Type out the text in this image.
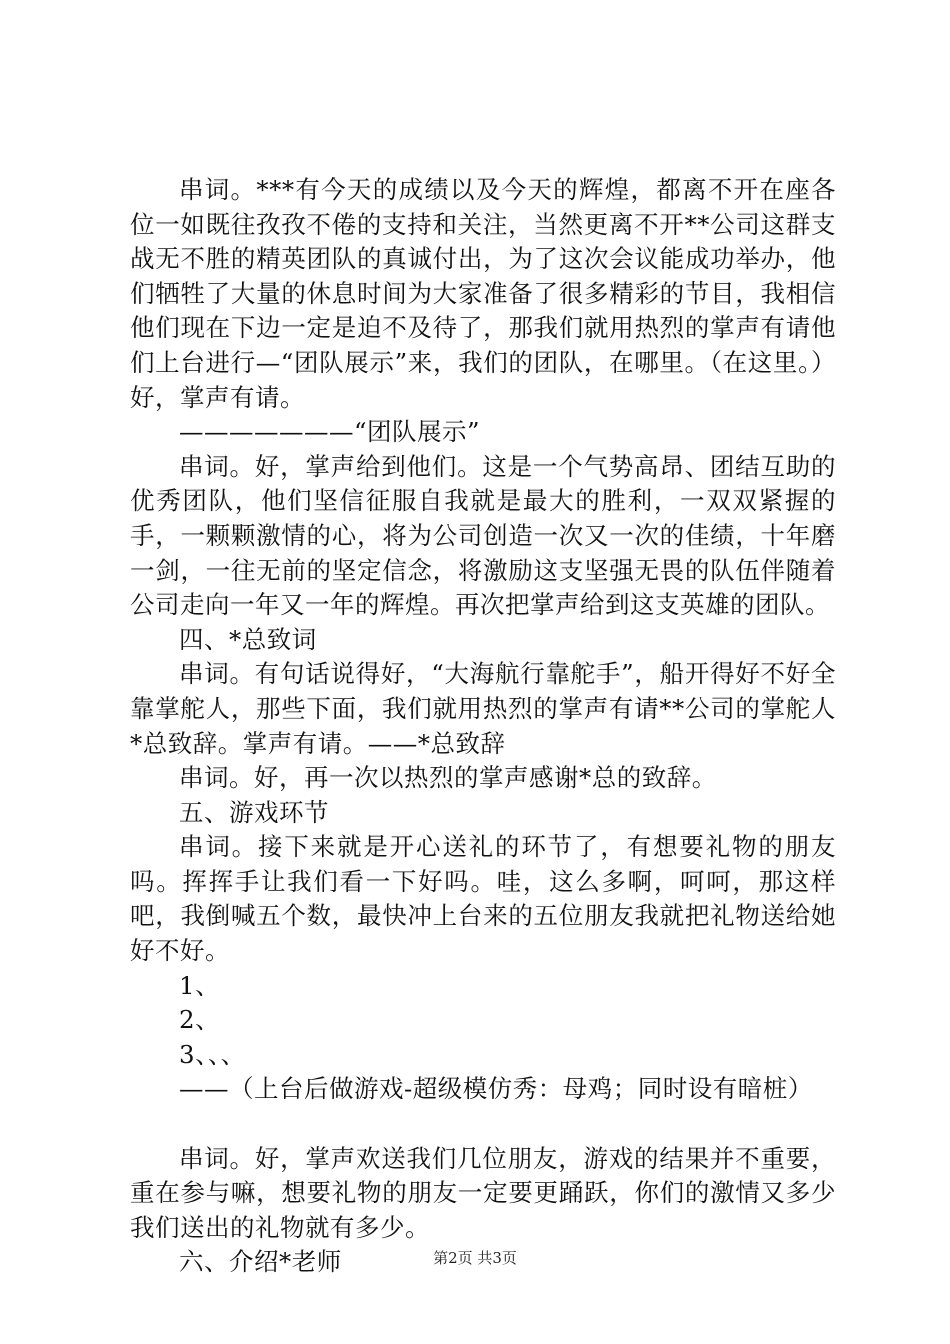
串词。***有今天的成绩以及今天的辉煌，都离不开在座各位一如既往孜孜不倦的支持和关注，当然更离不开**公司这群支战无不胜的精英团队的真诚付出，为了这次会议能成功举办，他们牺牲了大量的休息时间为大家准备了很多精彩的节目，我相信他们现在下边一定是迫不及待了，那我们就用热烈的掌声有请他们上台进行—“团队展示”来，我们的团队，在哪里。（在这里。）好，掌声有请。

———————“团队展示”

串词。好，掌声给到他们。这是一个气势高昂、团结互助的优秀团队，他们坚信征服自我就是最大的胜利，一双双紧握的手，一颗颗激情的心，将为公司创造一次又一次的佳绩，十年磨一剑，一往无前的坚定信念，将激励这支坚强无畏的队伍伴随着公司走向一年又一年的辉煌。再次把掌声给到这支英雄的团队。

四、*总致词

串词。有句话说得好，“大海航行靠舵手”，船开得好不好全靠掌舵人，那些下面，我们就用热烈的掌声有请**公司的掌舵人*总致辞。掌声有请。——*总致辞

串词。好，再一次以热烈的掌声感谢*总的致辞。

五、游戏环节

串词。接下来就是开心送礼的环节了，有想要礼物的朋友吗。挥挥手让我们看一下好吗。哇，这么多啊，呵呵，那这样吧，我倒喊五个数，最快冲上台来的五位朋友我就把礼物送给她好不好。

1、

2、

3、、、

——（上台后做游戏-超级模仿秀：母鸡；同时设有暗桩）

串词。好，掌声欢送我们几位朋友，游戏的结果并不重要，重在参与嘛，想要礼物的朋友一定要更踊跃，你们的激情又多少我们送出的礼物就有多少。

六、介绍*老师	第2页 共3页
